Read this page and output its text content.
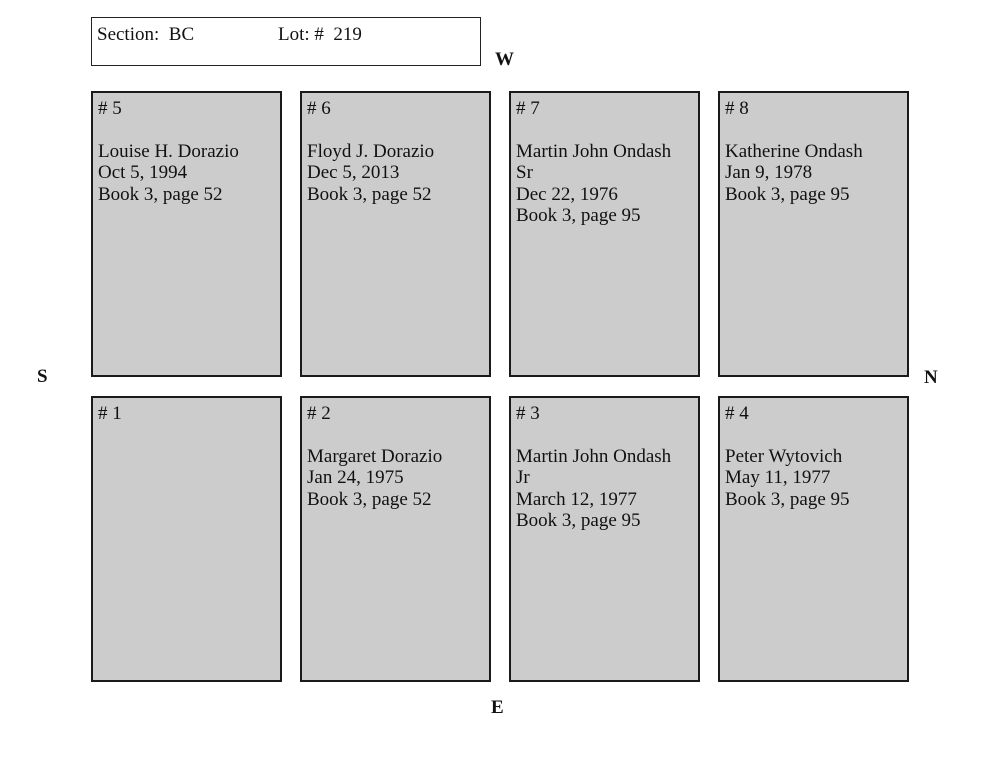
Section:  BC	Lot: #  219
W
E
S	N
# 5
Louise H. Dorazio
Oct 5, 1994
Book 3, page 52
# 6
Floyd J. Dorazio
Dec 5, 2013
Book 3, page 52
# 7
Martin John Ondash
Sr
Dec 22, 1976
Book 3, page 95
# 8
Katherine Ondash
Jan 9, 1978
Book 3, page 95
# 1	# 2
Margaret Dorazio
Jan 24, 1975
Book 3, page 52
# 3
Martin John Ondash
Jr
March 12, 1977
Book 3, page 95
# 4
Peter Wytovich
May 11, 1977
Book 3, page 95
